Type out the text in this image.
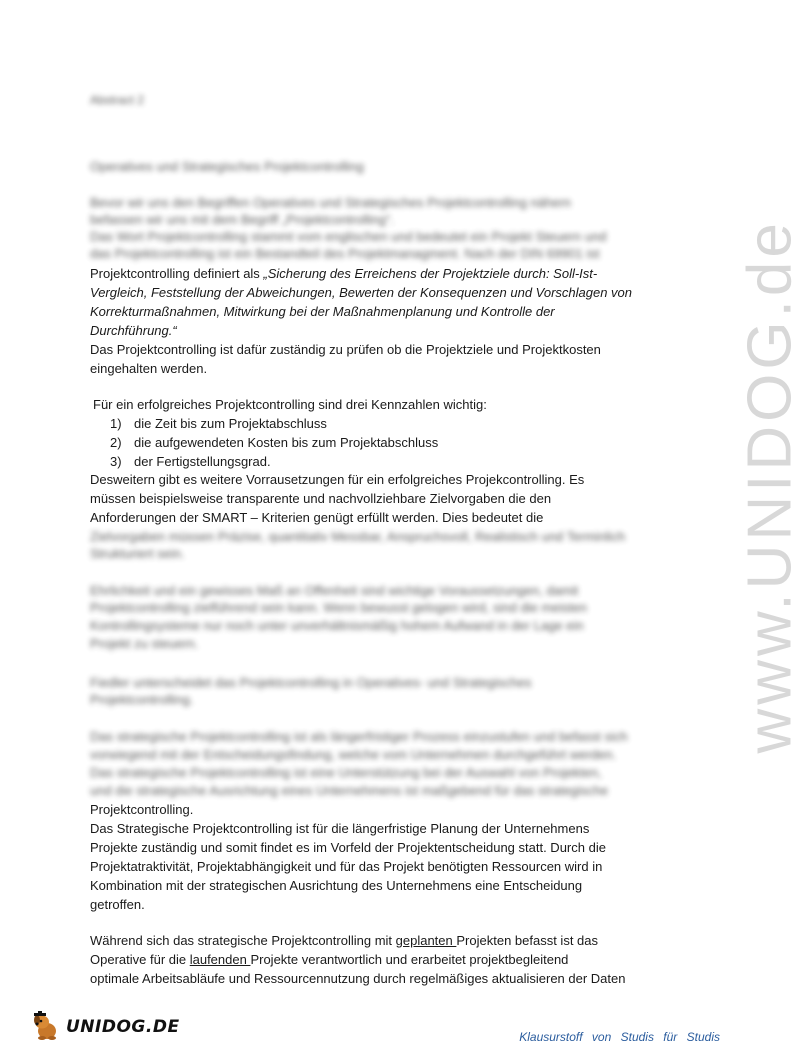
Abstract 2

Operatives und Strategisches Projektcontrolling

Bevor wir uns den Begriffen Operatives und Strategisches Projektcontrolling nähern

befassen wir uns mit dem Begriff „Projektcontrolling“.

Das Wort Projektcontrolling stammt vom englischen und bedeutet ein Projekt Steuern und

das Projektcontrolling ist ein Bestandteil des Projektmanagment. Nach der DIN 69901 ist

Projektcontrolling definiert als „Sicherung des Erreichens der Projektziele durch: Soll-Ist-

Vergleich, Feststellung der Abweichungen, Bewerten der Konsequenzen und Vorschlagen von

Korrekturmaßnahmen, Mitwirkung bei der Maßnahmenplanung und Kontrolle der

Durchführung.“

Das Projektcontrolling ist dafür zuständig zu prüfen ob die Projektziele und Projektkosten

eingehalten werden.

Für ein erfolgreiches Projektcontrolling sind drei Kennzahlen wichtig:

1) die Zeit bis zum Projektabschluss
2) die aufgewendeten Kosten bis zum Projektabschluss
3) der Fertigstellungsgrad.

Desweitern gibt es weitere Vorrausetzungen für ein erfolgreiches Projekcontrolling. Es

müssen beispielsweise transparente und nachvollziehbare Zielvorgaben die den

Anforderungen der SMART – Kriterien genügt erfüllt werden. Dies bedeutet die

Zielvorgaben müssen Präzise, quantitativ Messbar, Anspruchsvoll, Realistisch und Terminlich

Strukturiert sein.

Ehrlichkeit und ein gewisses Maß an Offenheit sind wichtige Voraussetzungen, damit

Projektcontrolling zielführend sein kann. Wenn bewusst gelogen wird, sind die meisten

Kontrollingsysteme nur noch unter unverhältnismäßig hohem Aufwand in der Lage ein

Projekt zu steuern.

Fiedler unterscheidet das Projektcontrolling in Operatives- und Strategisches

Projektcontrolling.

Das strategische Projektcontrolling ist als längerfristiger Prozess einzustufen und befasst sich

vorwiegend mit der Entscheidungsfindung, welche vom Unternehmen durchgeführt werden.

Das strategische Projektcontrolling ist eine Unterstützung bei der Auswahl von Projekten,

und die strategische Ausrichtung eines Unternehmens ist maßgebend für das strategische

Projektcontrolling.

Das Strategische Projektcontrolling ist für die längerfristige Planung der Unternehmens

Projekte zuständig und somit findet es im Vorfeld der Projektentscheidung statt. Durch die

Projektatraktivität, Projektabhängigkeit und für das Projekt benötigten Ressourcen wird in

Kombination mit der strategischen Ausrichtung des Unternehmens eine Entscheidung

getroffen.

Während sich das strategische Projektcontrolling mit geplanten Projekten befasst ist das

Operative für die laufenden Projekte verantwortlich und erarbeitet projektbegleitend

optimale Arbeitsabläufe und Ressourcennutzung durch regelmäßiges aktualisieren der Daten

www.UNIDOG.de
UNIDOG.DE	Klausurstoff von Studis für Studis
